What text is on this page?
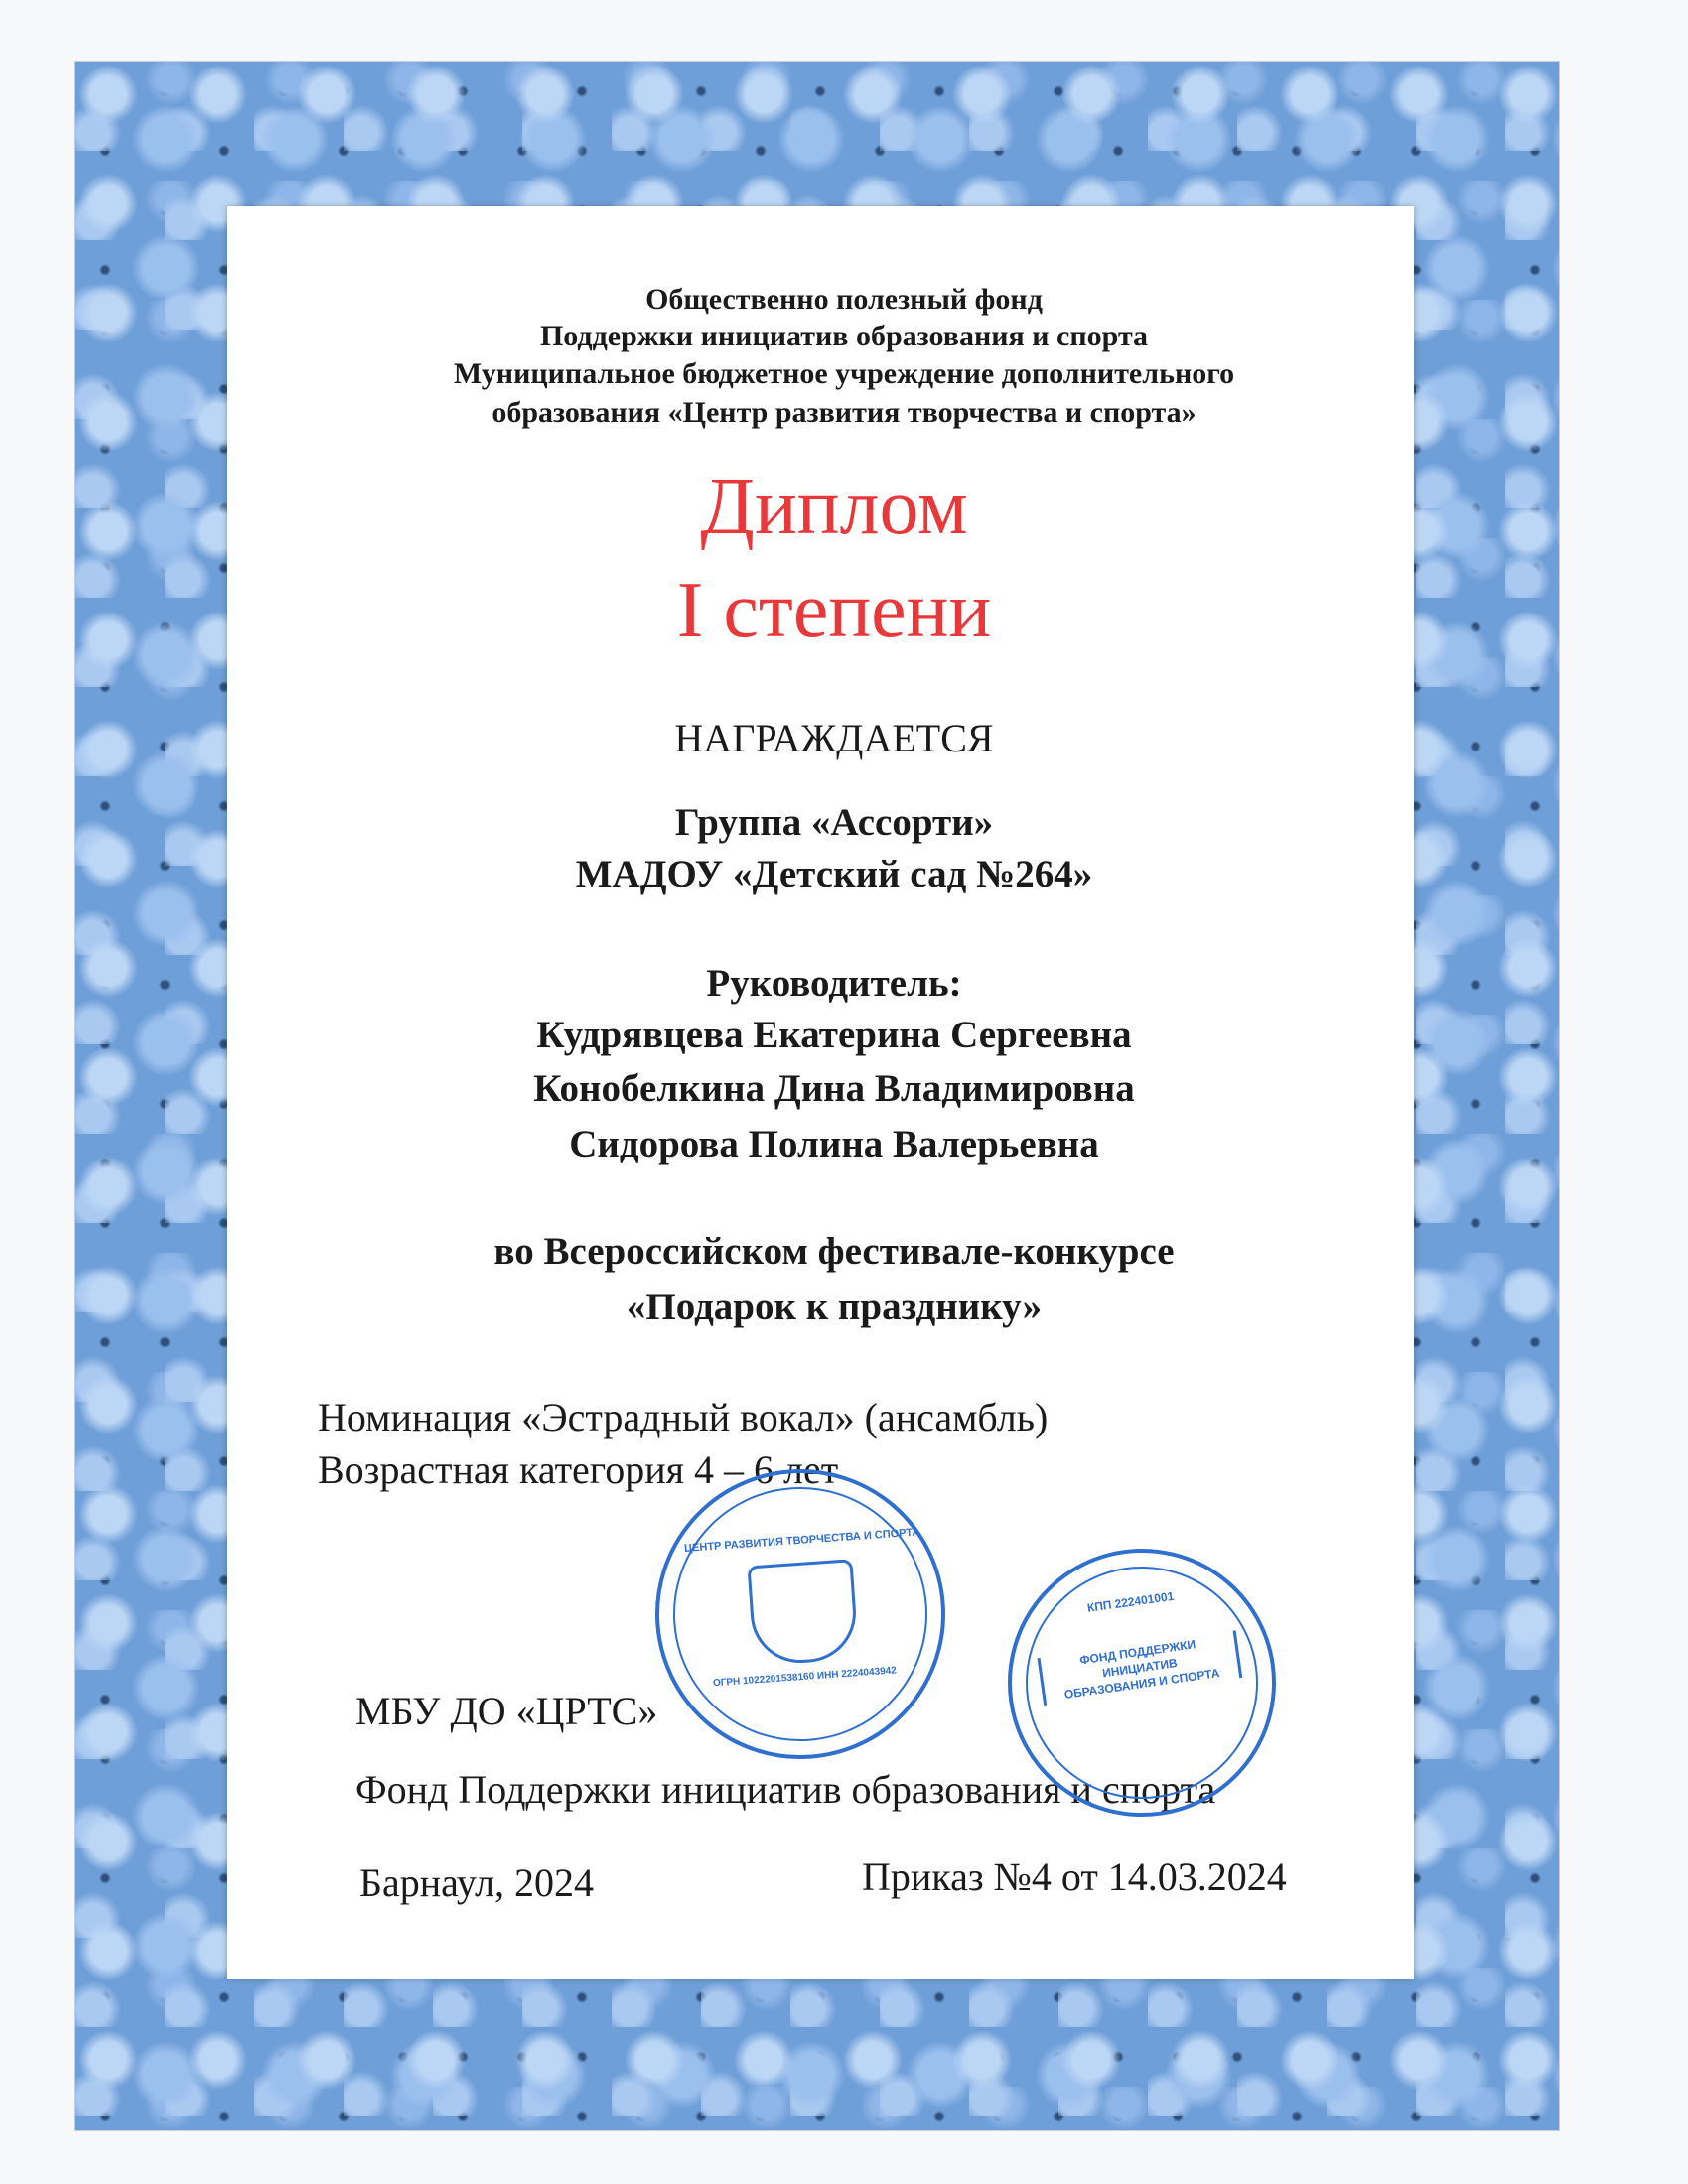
Общественно полезный фонд
Поддержки инициатив образования и спорта
Муниципальное бюджетное учреждение дополнительного
образования «Центр развития творчества и спорта»
Диплом
I степени
НАГРАЖДАЕТСЯ
Группа «Ассорти»
МАДОУ «Детский сад №264»
Руководитель:
Кудрявцева Екатерина Сергеевна
Конобелкина Дина Владимировна
Сидорова Полина Валерьевна
во Всероссийском фестивале-конкурсе
«Подарок к празднику»
Номинация «Эстрадный вокал» (ансамбль)
Возрастная категория 4 – 6 лет
МБУ ДО «ЦРТС»
Фонд Поддержки инициатив образования и спорта
Барнаул, 2024	Приказ №4 от 14.03.2024
ЦЕНТР РАЗВИТИЯ ТВОРЧЕСТВА И СПОРТА
ОГРН 1022201538160 ИНН 2224043942
КПП 222401001
ФОНД ПОДДЕРЖКИ
ИНИЦИАТИВ
ОБРАЗОВАНИЯ И СПОРТА
